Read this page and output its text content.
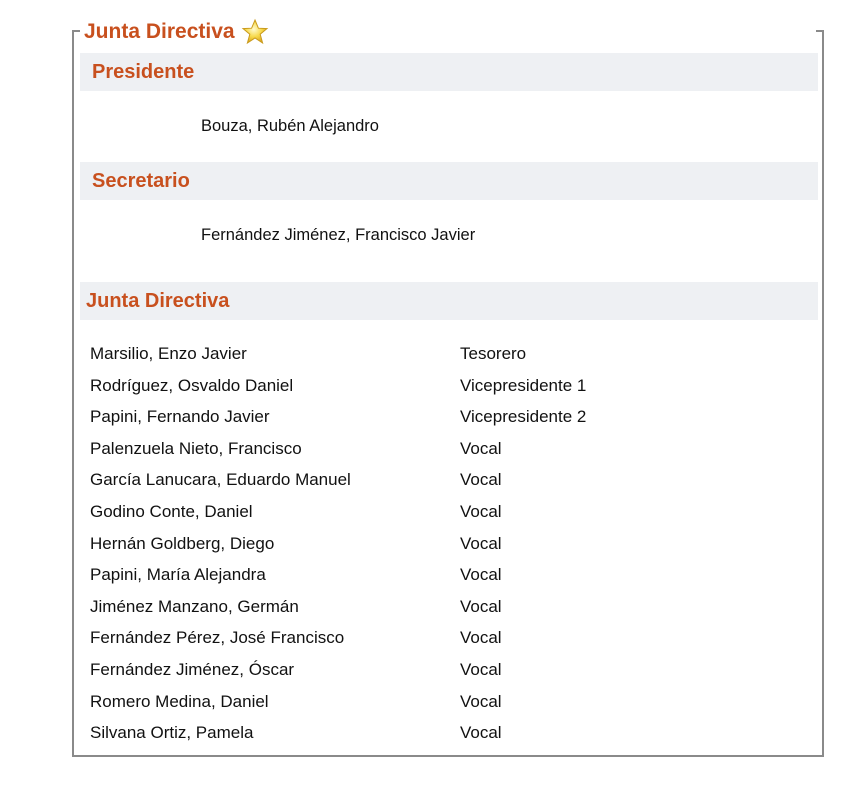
Junta Directiva
Presidente
Bouza, Rubén Alejandro
Secretario
Fernández Jiménez, Francisco Javier
Junta Directiva
Marsilio, Enzo Javier	Tesorero
Rodríguez, Osvaldo Daniel	Vicepresidente 1
Papini, Fernando Javier	Vicepresidente 2
Palenzuela Nieto, Francisco	Vocal
García Lanucara, Eduardo Manuel	Vocal
Godino Conte, Daniel	Vocal
Hernán Goldberg, Diego	Vocal
Papini, María Alejandra	Vocal
Jiménez Manzano, Germán	Vocal
Fernández Pérez, José Francisco	Vocal
Fernández Jiménez, Óscar	Vocal
Romero Medina, Daniel	Vocal
Silvana Ortiz, Pamela	Vocal
